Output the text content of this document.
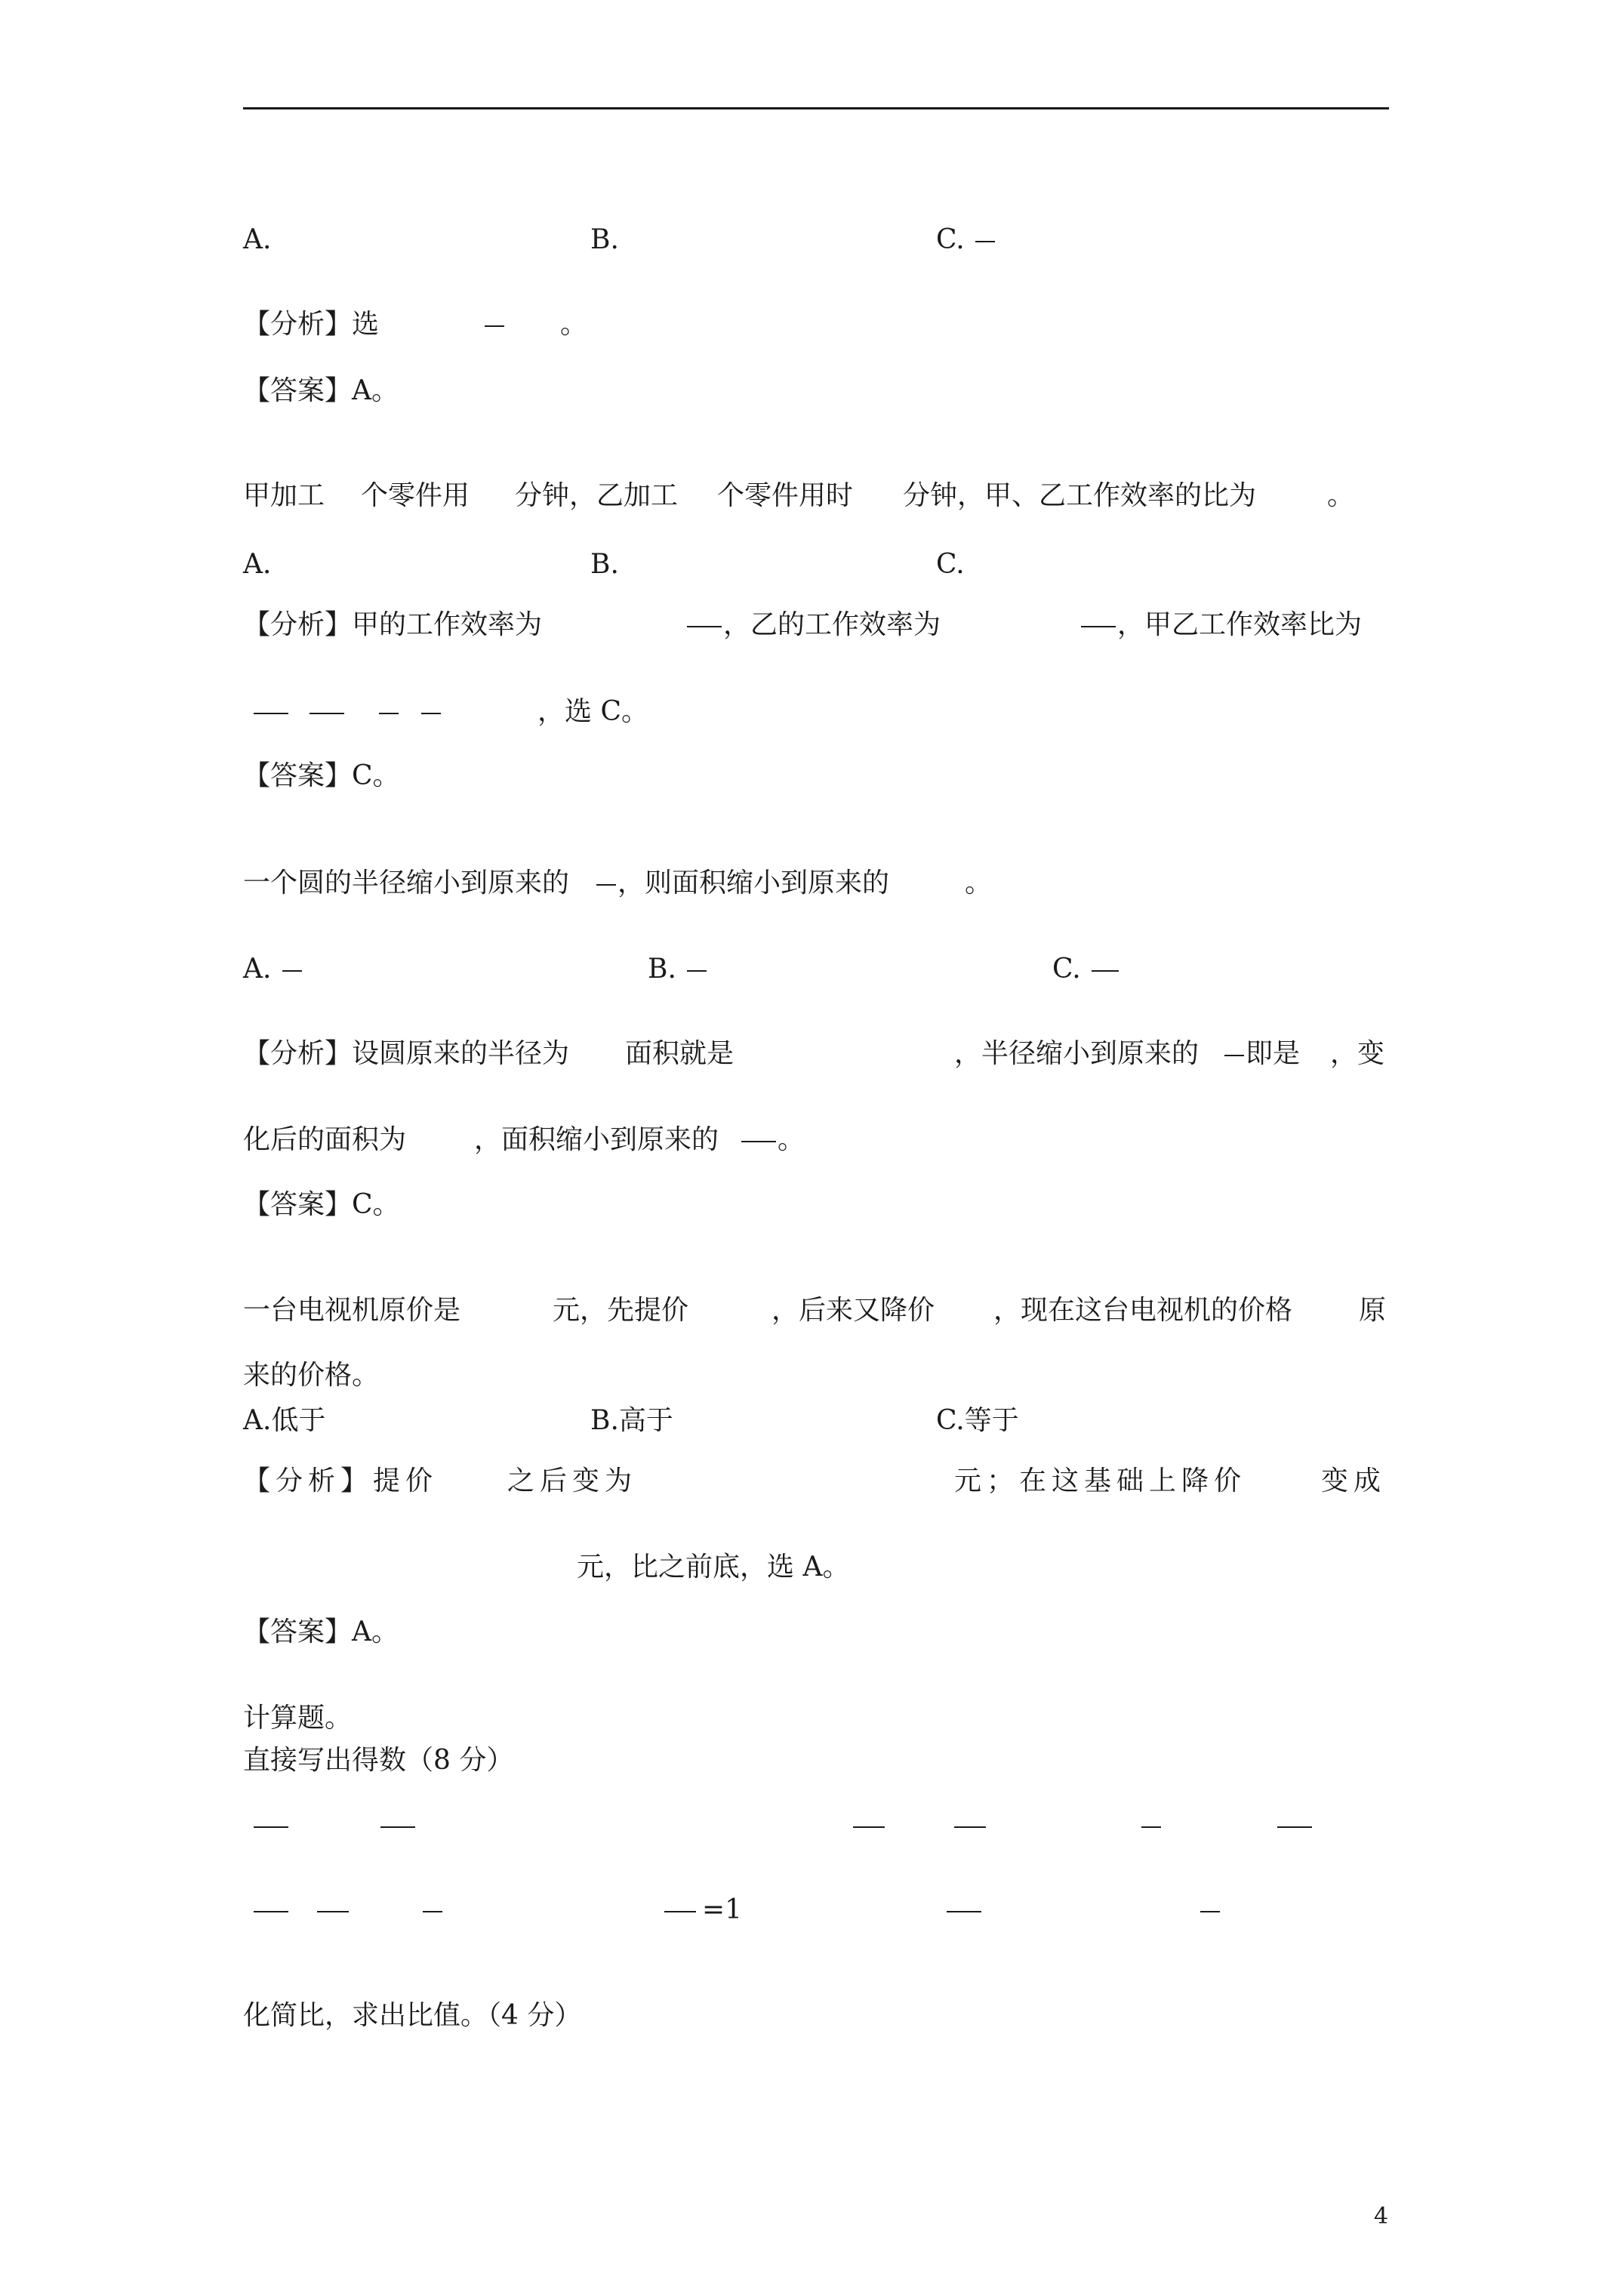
A.	B.	C.

【分析】选	。

【答案】A。

甲加工 个零件用 分钟，乙加工 个零件用时 分钟，甲、乙工作效率的比为	。

A.	B.	C.

【分析】甲的工作效率为	，乙的工作效率为	，甲乙工作效率比为

，选 C。

【答案】C。

一个圆的半径缩小到原来的 ，则面积缩小到原来的	。

A.	B.	C.

【分析】设圆原来的半径为 面积就是	，半径缩小到原来的 即是 ，变

化后的面积为 ，面积缩小到原来的 。

【答案】C。

一台电视机原价是	元，先提价	，后来又降价 ，现在这台电视机的价格 原

来的价格。

A.低于	B.高于	C.等于

【分析】提价	之后变为	元；在这基础上降价	变成

元，比之前底，选 A。

【答案】A。

计算题。

直接写出得数（8 分）

=1

化简比，求出比值。（4 分）

4
